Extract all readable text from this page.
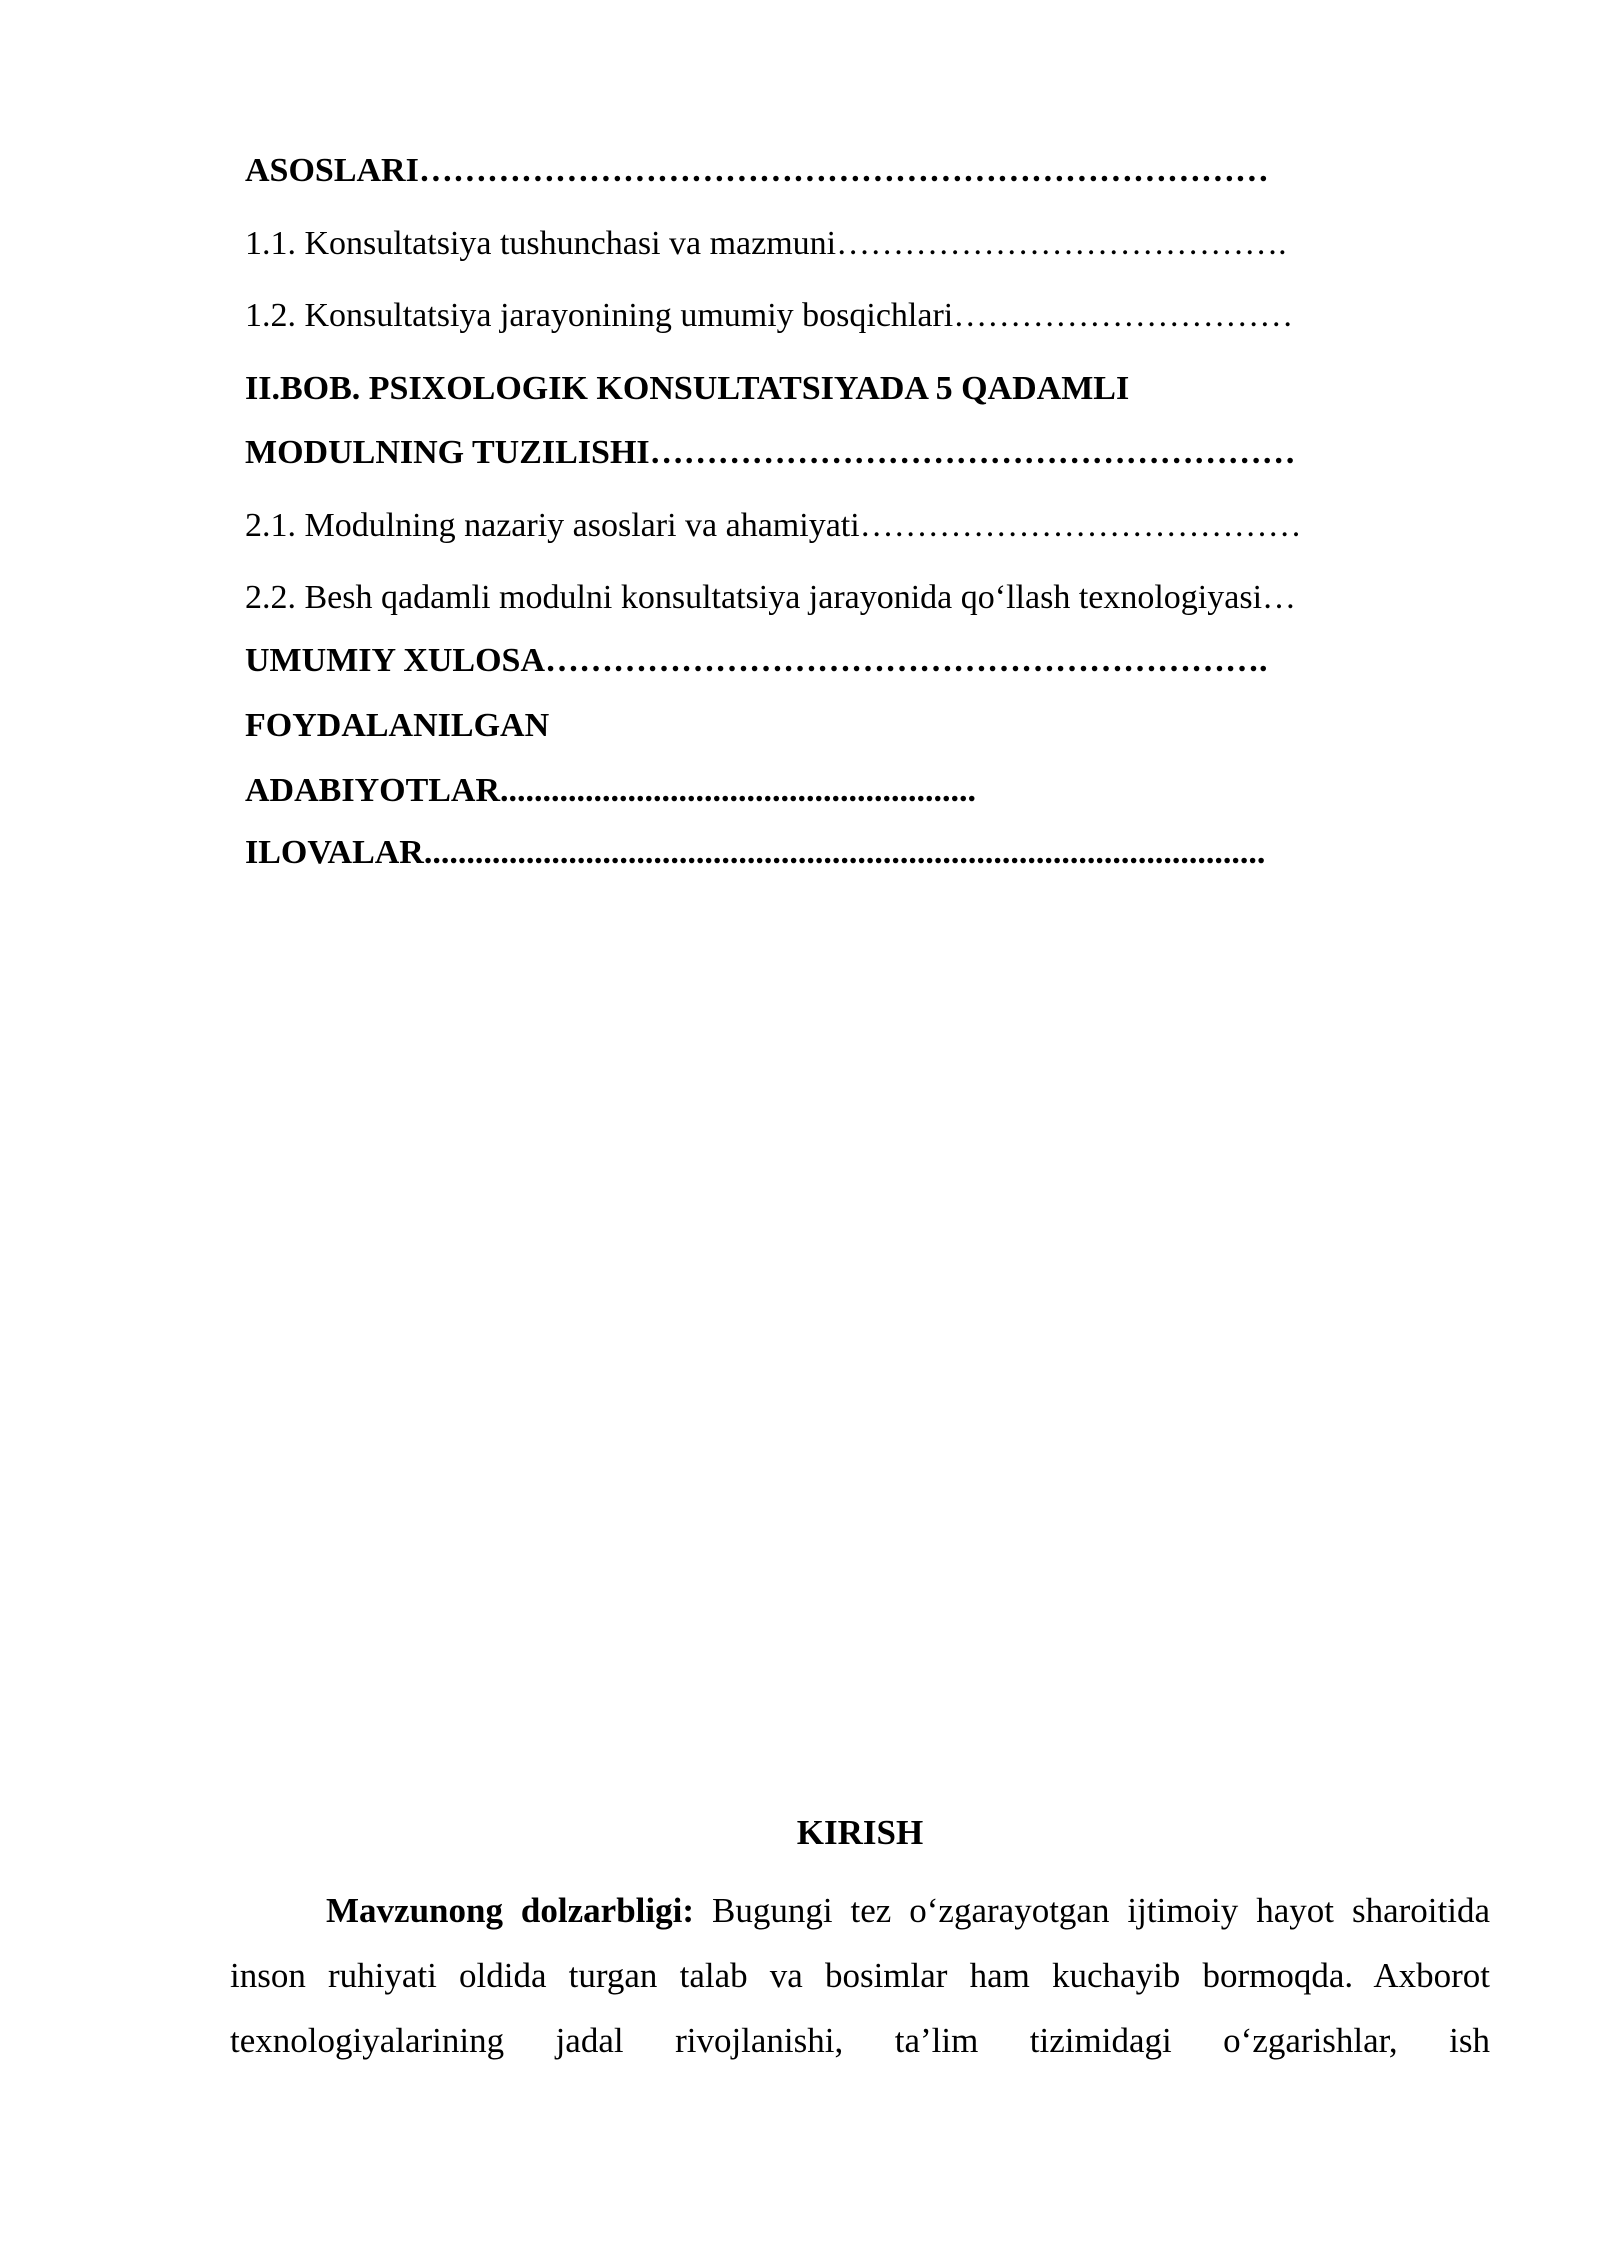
ASOSLARI…………………………………………………………………

1.1. Konsultatsiya tushunchasi va mazmuni………………………………….

1.2. Konsultatsiya jarayonining umumiy bosqichlari…………………………

II.BOB. PSIXOLOGIK KONSULTATSIYADA 5 QADAMLI

MODULNING TUZILISHI…………………………………………………

2.1. Modulning nazariy asoslari va ahamiyati…………………………………

2.2. Besh qadamli modulni konsultatsiya jarayonida qo‘llash texnologiyasi…

UMUMIY XULOSA……………………………………………………….

FOYDALANILGAN

ADABIYOTLAR........................................................

ILOVALAR...................................................................................................

KIRISH

Mavzunong dolzarbligi: Bugungi tez o‘zgarayotgan ijtimoiy hayot sharoitida inson ruhiyati oldida turgan talab va bosimlar ham kuchayib bormoqda. Axborot texnologiyalarining jadal rivojlanishi, ta’lim tizimidagi o‘zgarishlar, ish
